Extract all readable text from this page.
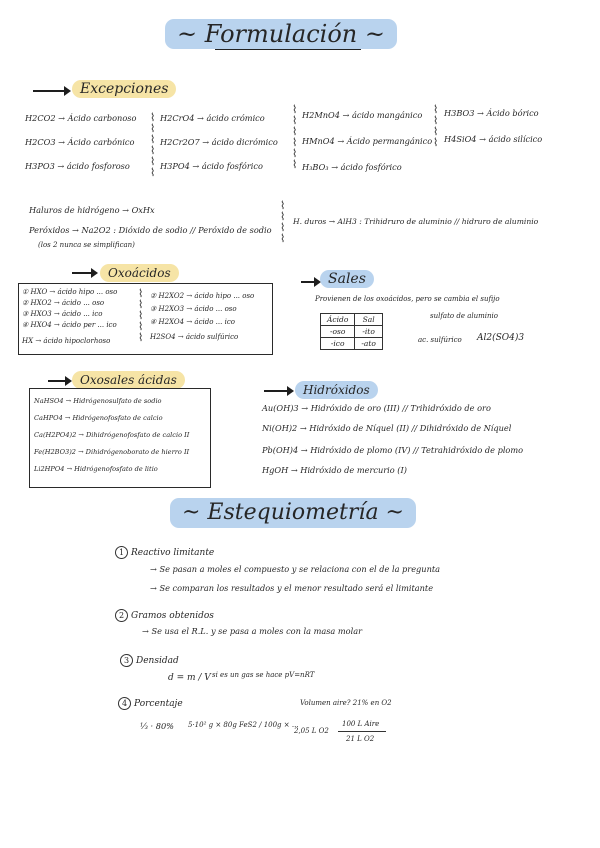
~ Formulación ~
Excepciones
H2CO2 → Ácido carbonoso
H2CO3 → Ácido carbónico
H3PO3 → ácido fosforoso
⌇
⌇
⌇
⌇
⌇
⌇
H2CrO4 → ácido crómico
H2Cr2O7 → ácido dicrómico
H3PO4 → ácido fosfórico
⌇
⌇
⌇
⌇
⌇
⌇
H2MnO4 → ácido mangánico
HMnO4 → Ácido permangánico
H₃BO₃ → ácido fosfórico
⌇
⌇
⌇
⌇
H3BO3 → Ácido bórico
H4SiO4 → ácido silícico
Haluros de hidrógeno → OxHx
Peróxidos → Na2O2 : Dióxido de sodio // Peróxido de sodio
(los 2 nunca se simplifican)
⌇
⌇
⌇
⌇
H. duros → AlH3 : Trihidruro de aluminio // hidruro de aluminio
Oxoácidos
① HXO → ácido hipo ... oso
② HXO2 → ácido ... oso
③ HXO3 → ácido ... ico
④ HXO4 → ácido per ... ico
HX → ácido hipoclorhoso
⌇
⌇
⌇
⌇
⌇
② H2XO2 → ácido hipo ... oso
③ H2XO3 → ácido ... oso
④ H2XO4 → ácido ... ico
H2SO4 → ácido sulfúrico
Sales
Provienen de los oxoácidos, pero se cambia el sufijo
sulfato de aluminio
Ácido	Sal
-oso	-ito
-ico	-ato	ac. sulfúrico Al2(SO4)3
Oxosales ácidas
NaHSO4 → Hidrógenosulfato de sodio
CaHPO4 → Hidrógenofosfato de calcio
Ca(H2PO4)2 → Dihidrógenofosfato de calcio II
Fe(H2BO3)2 → Dihidrógenoborato de hierro II
Li2HPO4 → Hidrógenofosfato de litio
Hidróxidos
Au(OH)3 → Hidróxido de oro (III) // Trihidróxido de oro
Ni(OH)2 → Hidróxido de Níquel (II) // Dihidróxido de Níquel
Pb(OH)4 → Hidróxido de plomo (IV) // Tetrahidróxido de plomo
HgOH → Hidróxido de mercurio (I)
~ Estequiometría ~
1 Reactivo limitante
→ Se pasan a moles el compuesto y se relaciona con el de la pregunta
→ Se comparan los resultados y el menor resultado será el limitante
2 Gramos obtenidos
→ Se usa el R.L. y se pasa a moles con la masa molar
3 Densidad
d = m / V si es un gas se hace pV=nRT
4 Porcentaje
⅓ · 80% 5·10² g × 80g FeS2 / 100g × ...
Volumen aire? 21% en O2
2,05 L O2
100 L Aire
21 L O2
